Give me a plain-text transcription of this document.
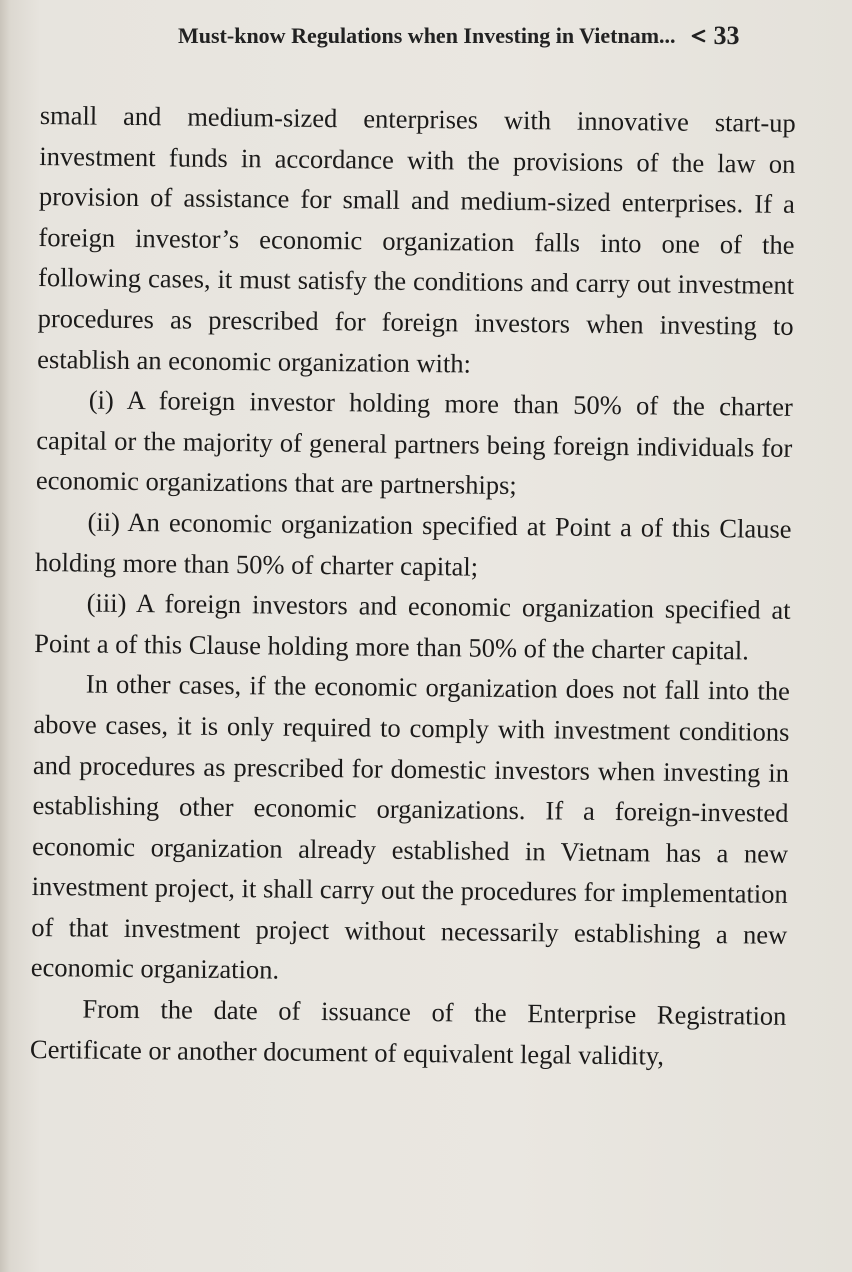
Must-know Regulations when Investing in Vietnam... 33

small and medium-sized enterprises with innovative start-up investment funds in accordance with the provisions of the law on provision of assistance for small and medium-sized enterprises. If a foreign investor’s economic organization falls into one of the following cases, it must satisfy the conditions and carry out investment procedures as prescribed for foreign investors when investing to establish an economic organization with:

(i) A foreign investor holding more than 50% of the charter capital or the majority of general partners being foreign individuals for economic organizations that are partnerships;

(ii) An economic organization specified at Point a of this Clause holding more than 50% of charter capital;

(iii) A foreign investors and economic organization specified at Point a of this Clause holding more than 50% of the charter capital.

In other cases, if the economic organization does not fall into the above cases, it is only required to comply with investment conditions and procedures as prescribed for domestic investors when investing in establishing other economic organizations. If a foreign-invested economic organization already established in Vietnam has a new investment project, it shall carry out the procedures for implementation of that investment project without necessarily establishing a new economic organization.

From the date of issuance of the Enterprise Registration Certificate or another document of equivalent legal validity,
